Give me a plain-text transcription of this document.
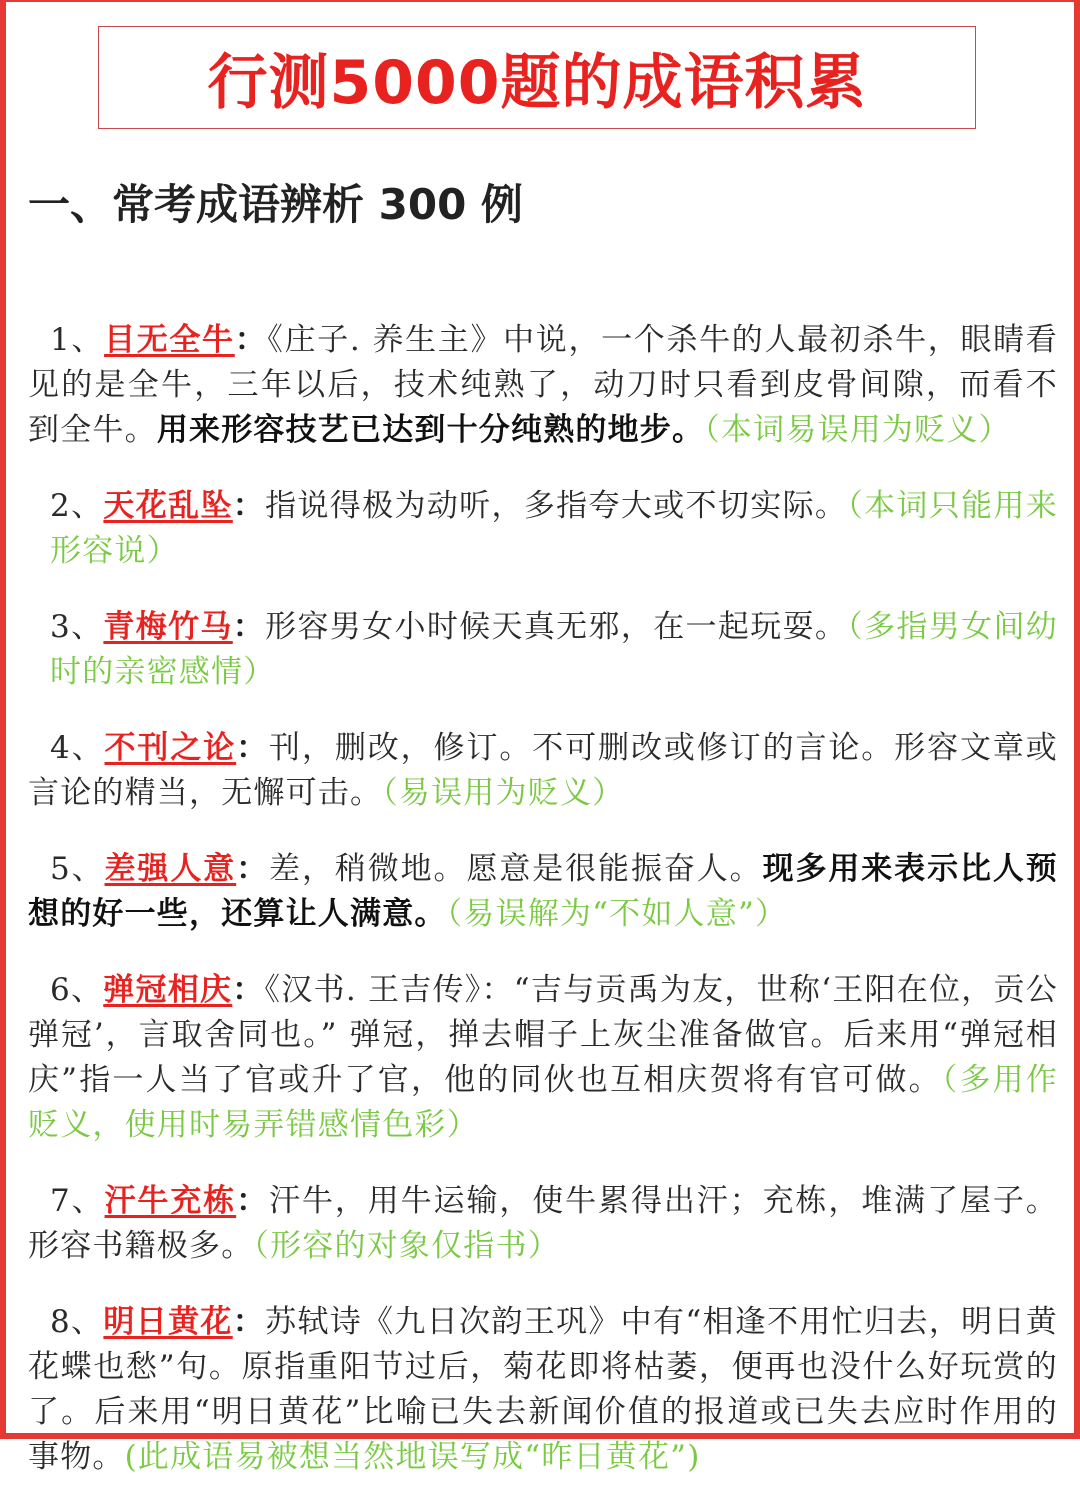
行测5000题的成语积累
一、常考成语辨析 300 例

1、目无全牛：《庄子. 养生主》中说，一个杀牛的人最初杀牛，眼睛看见的是全牛，三年以后，技术纯熟了，动刀时只看到皮骨间隙，而看不到全牛。用来形容技艺已达到十分纯熟的地步。（本词易误用为贬义）

2、天花乱坠：指说得极为动听，多指夸大或不切实际。（本词只能用来形容说）

3、青梅竹马：形容男女小时候天真无邪，在一起玩耍。（多指男女间幼时的亲密感情）

4、不刊之论：刊，删改，修订。不可删改或修订的言论。形容文章或言论的精当，无懈可击。（易误用为贬义）

5、差强人意：差，稍微地。愿意是很能振奋人。现多用来表示比人预想的好一些，还算让人满意。（易误解为“不如人意”）

6、弹冠相庆：《汉书. 王吉传》：“吉与贡禹为友，世称‘王阳在位，贡公弹冠’，言取舍同也。” 弹冠，掸去帽子上灰尘准备做官。后来用“弹冠相庆”指一人当了官或升了官，他的同伙也互相庆贺将有官可做。（多用作贬义，使用时易弄错感情色彩）

7、汗牛充栋：汗牛，用牛运输，使牛累得出汗；充栋，堆满了屋子。形容书籍极多。（形容的对象仅指书）

8、明日黄花：苏轼诗《九日次韵王巩》中有“相逢不用忙归去，明日黄花蝶也愁”句。原指重阳节过后，菊花即将枯萎，便再也没什么好玩赏的了。后来用“明日黄花”比喻已失去新闻价值的报道或已失去应时作用的事物。(此成语易被想当然地误写成“昨日黄花”)
